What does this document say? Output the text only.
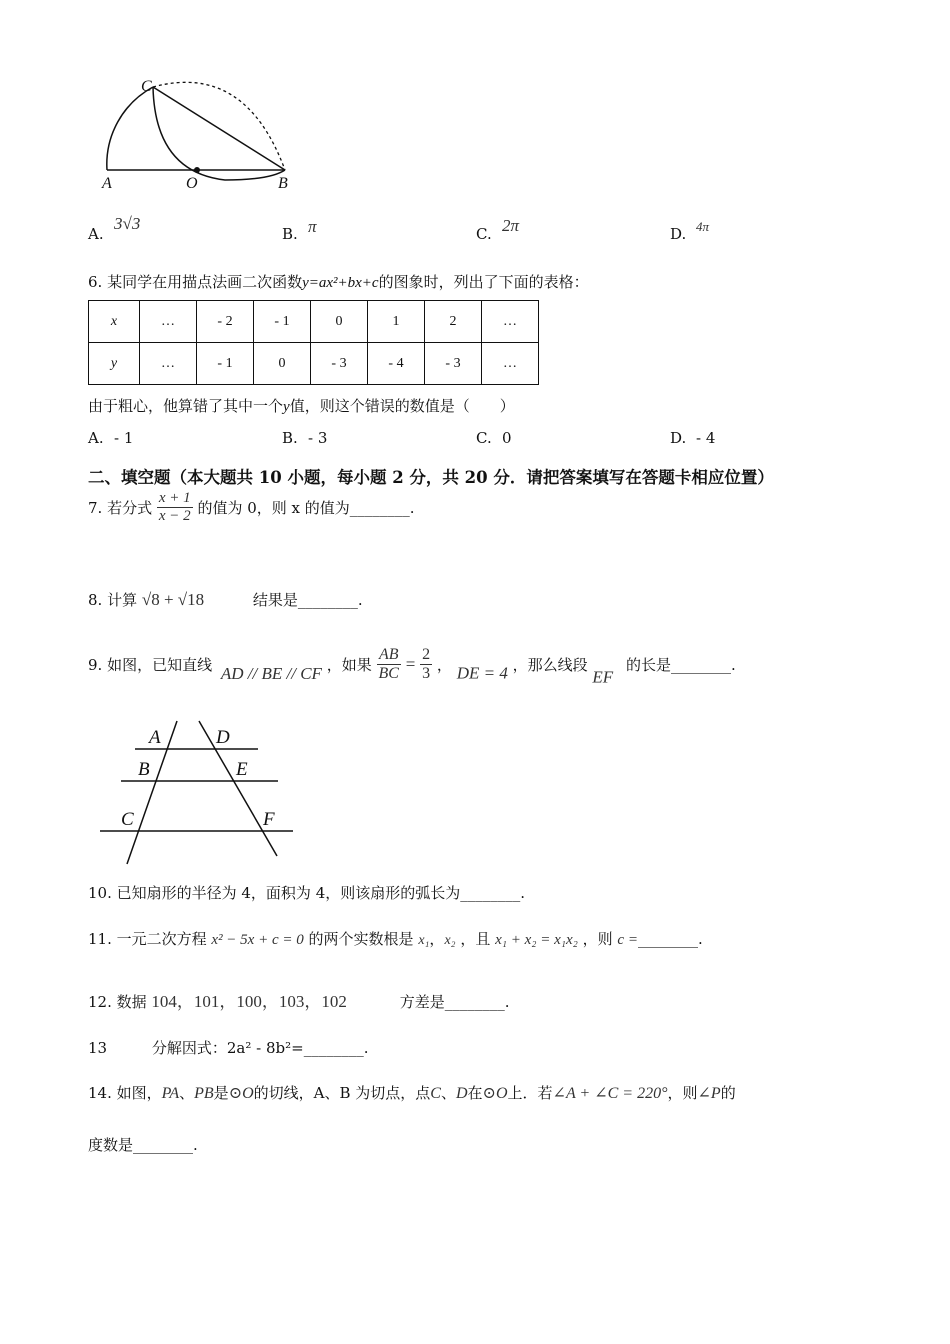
C
A	O	B
A.
3√3
B. π	C. 2π	D. 4π
6. 某同学在用描点法画二次函数y=ax²+bx+c的图象时，列出了下面的表格：
x	…	- 2	- 1	0	1	2	…
y	…	- 1	0	- 3	- 4	- 3	…
由于粗心，他算错了其中一个y值，则这个错误的数值是（　　）
A. - 1	B. - 3	C. 0	D. - 4
二、填空题（本大题共 10 小题，每小题 2 分，共 20 分．请把答案填写在答题卡相应位置）
7. 若分式 $\frac{x + 1}{x - 2}$ 的值为 0，则 x 的值为________.
8. 计算 √8 + √18	结果是________.
9. 如图，已知直线 AD // BE // CF ，如果 $\frac{AB}{BC} = \frac{2}{3}$ ， DE = 4 ，那么线段 EF 的长是________.
A	D
B	E
C	F
10. 已知扇形的半径为 4，面积为 4，则该扇形的弧长为________.
11. 一元二次方程 x² − 5x + c = 0 的两个实数根是 x₁，x₂ ，且 x₁ + x₂ = x₁x₂ ，则 c =________.
12. 数据 104，101，100，103，102	方差是________.
13	分解因式：2a² - 8b²=________.
14. 如图，PA、PB是⊙O的切线，A、B 为切点，点C、D在⊙O上．若∠A + ∠C = 220°，则∠P的
度数是________.
